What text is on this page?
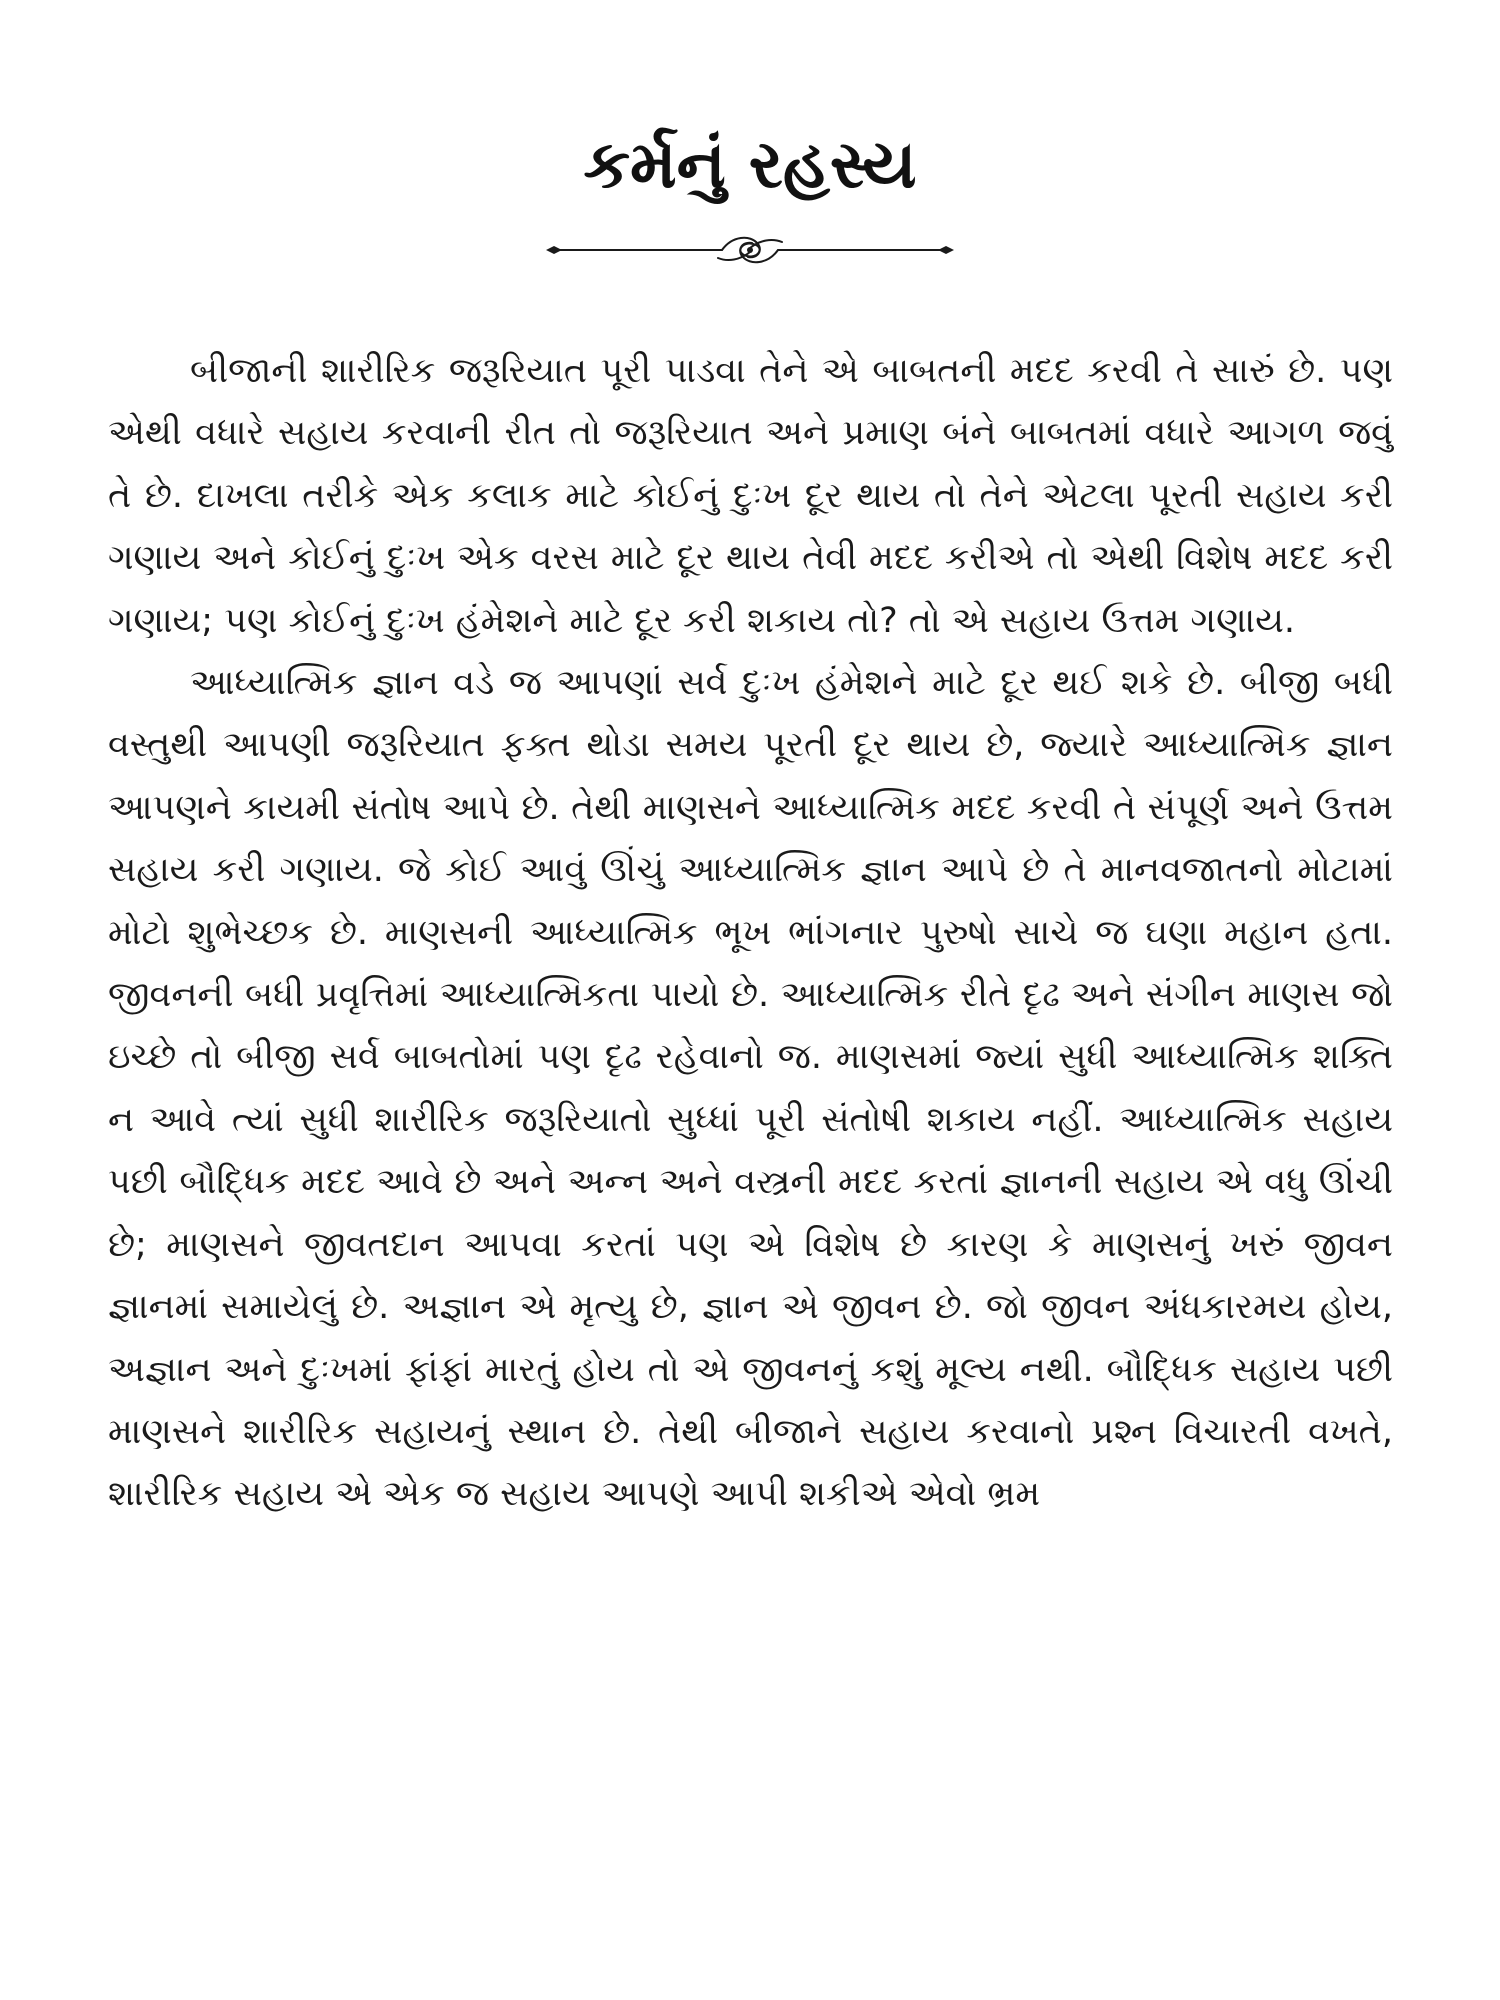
કર્મનું રહસ્ય

બીજાની શારીરિક જરૂરિયાત પૂરી પાડવા તેને એ બાબતની મદદ કરવી તે સારું છે. પણ એથી વધારે સહાય કરવાની રીત તો જરૂરિયાત અને પ્રમાણ બંને બાબતમાં વધારે આગળ જવું તે છે. દાખલા તરીકે એક કલાક માટે કોઈનું દુઃખ દૂર થાય તો તેને એટલા પૂરતી સહાય કરી ગણાય અને કોઈનું દુઃખ એક વરસ માટે દૂર થાય તેવી મદદ કરીએ તો એથી વિશેષ મદદ કરી ગણાય; પણ કોઈનું દુઃખ હંમેશને માટે દૂર કરી શકાય તો? તો એ સહાય ઉત્તમ ગણાય.

આધ્યાત્મિક જ્ઞાન વડે જ આપણાં સર્વ દુઃખ હંમેશને માટે દૂર થઈ શકે છે. બીજી બધી વસ્તુથી આપણી જરૂરિયાત ફક્ત થોડા સમય પૂરતી દૂર થાય છે, જ્યારે આધ્યાત્મિક જ્ઞાન આપણને કાયમી સંતોષ આપે છે. તેથી માણસને આધ્યાત્મિક મદદ કરવી તે સંપૂર્ણ અને ઉત્તમ સહાય કરી ગણાય. જે કોઈ આવું ઊંચું આધ્યાત્મિક જ્ઞાન આપે છે તે માનવજાતનો મોટામાં મોટો શુભેચ્છક છે. માણસની આધ્યાત્મિક ભૂખ ભાંગનાર પુરુષો સાચે જ ઘણા મહાન હતા. જીવનની બધી પ્રવૃત્તિમાં આધ્યાત્મિકતા પાયો છે. આધ્યાત્મિક રીતે દૃઢ અને સંગીન માણસ જો ઇચ્છે તો બીજી સર્વ બાબતોમાં પણ દૃઢ રહેવાનો જ. માણસમાં જ્યાં સુધી આધ્યાત્મિક શક્તિ ન આવે ત્યાં સુધી શારીરિક જરૂરિયાતો સુધ્ધાં પૂરી સંતોષી શકાય નહીં. આધ્યાત્મિક સહાય પછી બૌદ્ધિક મદદ આવે છે અને અન્ન અને વસ્ત્રની મદદ કરતાં જ્ઞાનની સહાય એ વધુ ઊંચી છે; માણસને જીવતદાન આપવા કરતાં પણ એ વિશેષ છે કારણ કે માણસનું ખરું જીવન જ્ઞાનમાં સમાયેલું છે. અજ્ઞાન એ મૃત્યુ છે, જ્ઞાન એ જીવન છે. જો જીવન અંધકારમય હોય, અજ્ઞાન અને દુઃખમાં ફાંફાં મારતું હોય તો એ જીવનનું કશું મૂલ્ય નથી. બૌદ્ધિક સહાય પછી માણસને શારીરિક સહાયનું સ્થાન છે. તેથી બીજાને સહાય કરવાનો પ્રશ્ન વિચારતી વખતે, શારીરિક સહાય એ એક જ સહાય આપણે આપી શકીએ એવો ભ્રમ
